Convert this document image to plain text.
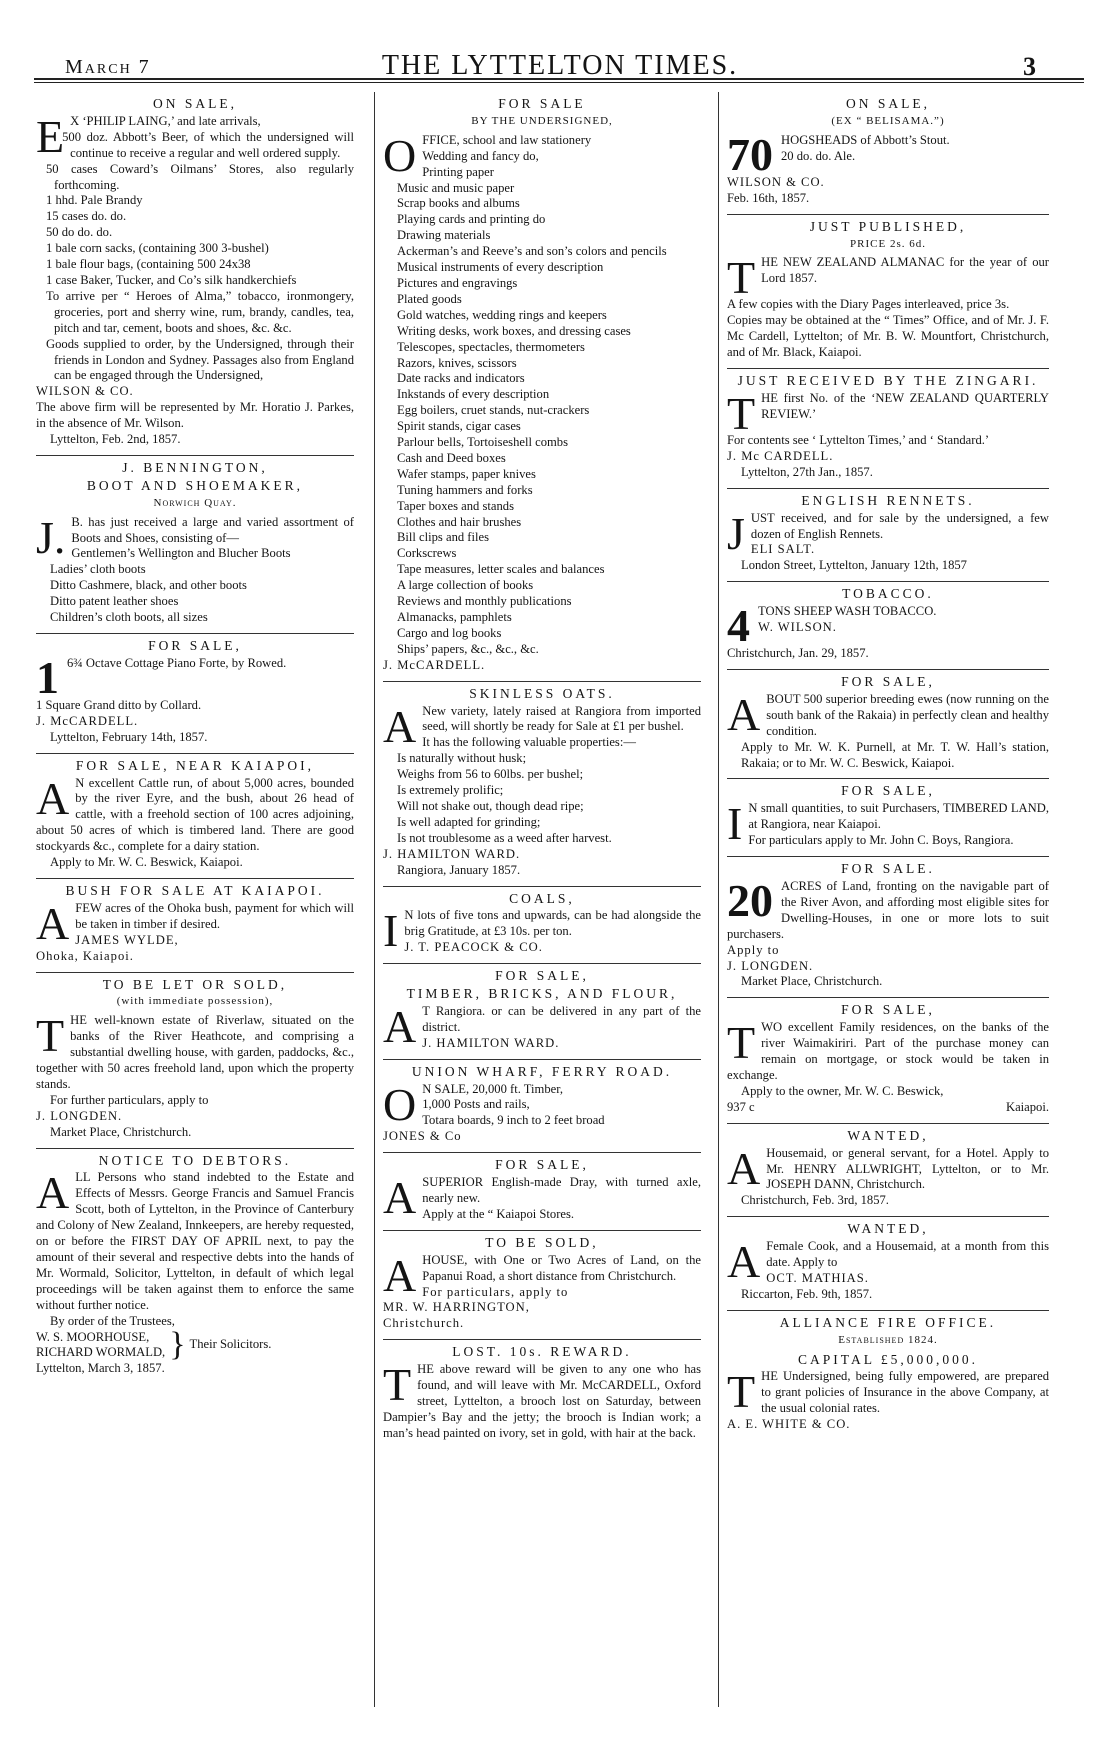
March 7	THE LYTTELTON TIMES.	3
ON SALE,

E X ‘PHILIP LAING,’ and late arrivals,

500 doz. Abbott’s Beer, of which the undersigned will continue to receive a regular and well ordered supply.

50 cases Coward’s Oilmans’ Stores, also regularly forthcoming.

1 hhd. Pale Brandy

15 cases do. do.

50 do do. do.

1 bale corn sacks, (containing 300 3-bushel)

1 bale flour bags, (containing 500 24x38

1 case Baker, Tucker, and Co’s silk handkerchiefs

To arrive per “ Heroes of Alma,” tobacco, ironmongery, groceries, port and sherry wine, rum, brandy, candles, tea, pitch and tar, cement, boots and shoes, &c. &c.

Goods supplied to order, by the Undersigned, through their friends in London and Sydney. Passages also from England can be engaged through the Undersigned,

WILSON & CO.

The above firm will be represented by Mr. Horatio J. Parkes, in the absence of Mr. Wilson.

Lyttelton, Feb. 2nd, 1857.

J. BENNINGTON,
BOOT AND SHOEMAKER,
Norwich Quay.

J. B. has just received a large and varied assortment of Boots and Shoes, consisting of—

Gentlemen’s Wellington and Blucher Boots

Ladies’ cloth boots

Ditto Cashmere, black, and other boots

Ditto patent leather shoes

Children’s cloth boots, all sizes

FOR SALE,

1 6¾ Octave Cottage Piano Forte, by Rowed.

1 Square Grand ditto by Collard.

J. McCARDELL.

Lyttelton, February 14th, 1857.

FOR SALE, NEAR KAIAPOI,

A N excellent Cattle run, of about 5,000 acres, bounded by the river Eyre, and the bush, about 26 head of cattle, with a freehold section of 100 acres adjoining, about 50 acres of which is timbered land. There are good stockyards &c., complete for a dairy station.

Apply to Mr. W. C. Beswick, Kaiapoi.

BUSH FOR SALE AT KAIAPOI.

AFEW acres of the Ohoka bush, payment for which will be taken in timber if desired.

JAMES WYLDE,

Ohoka, Kaiapoi.

TO BE LET OR SOLD,
(with immediate possession),

THE well-known estate of Riverlaw, situated on the banks of the River Heathcote, and comprising a substantial dwelling house, with garden, paddocks, &c., together with 50 acres freehold land, upon which the property stands.

For further particulars, apply to

J. LONGDEN.

Market Place, Christchurch.

NOTICE TO DEBTORS.

ALL Persons who stand indebted to the Estate and Effects of Messrs. George Francis and Samuel Francis Scott, both of Lyttelton, in the Province of Canterbury and Colony of New Zealand, Innkeepers, are hereby requested, on or before the FIRST DAY OF APRIL next, to pay the amount of their several and respective debts into the hands of Mr. Wormald, Solicitor, Lyttelton, in default of which legal proceedings will be taken against them to enforce the same without further notice.

By order of the Trustees,

W. S. MOORHOUSE,

RICHARD WORMALD, } Their Solicitors.

Lyttelton, March 3, 1857.

FOR SALE
BY THE UNDERSIGNED,

OFFICE, school and law stationery

Wedding and fancy do,

Printing paper

Music and music paper

Scrap books and albums

Playing cards and printing do

Drawing materials

Ackerman’s and Reeve’s and son’s colors and pencils

Musical instruments of every description

Pictures and engravings

Plated goods

Gold watches, wedding rings and keepers

Writing desks, work boxes, and dressing cases

Telescopes, spectacles, thermometers

Razors, knives, scissors

Date racks and indicators

Inkstands of every description

Egg boilers, cruet stands, nut-crackers

Spirit stands, cigar cases

Parlour bells, Tortoiseshell combs

Cash and Deed boxes

Wafer stamps, paper knives

Tuning hammers and forks

Taper boxes and stands

Clothes and hair brushes

Bill clips and files

Corkscrews

Tape measures, letter scales and balances

A large collection of books

Reviews and monthly publications

Almanacks, pamphlets

Cargo and log books

Ships’ papers, &c., &c., &c.

J. McCARDELL.

SKINLESS OATS.

A New variety, lately raised at Rangiora from imported seed, will shortly be ready for Sale at £1 per bushel.

It has the following valuable properties:—

Is naturally without husk;

Weighs from 56 to 60lbs. per bushel;

Is extremely prolific;

Will not shake out, though dead ripe;

Is well adapted for grinding;

Is not troublesome as a weed after harvest.

J. HAMILTON WARD.

Rangiora, January 1857.

COALS,

I N lots of five tons and upwards, can be had alongside the brig Gratitude, at £3 10s. per ton.

J. T. PEACOCK & CO.

FOR SALE,
TIMBER, BRICKS, AND FLOUR,

A T Rangiora. or can be delivered in any part of the district.

J. HAMILTON WARD.

UNION WHARF, FERRY ROAD.

O N SALE, 20,000 ft. Timber,

1,000 Posts and rails,

Totara boards, 9 inch to 2 feet broad

JONES & Co

FOR SALE,

ASUPERIOR English-made Dray, with turned axle, nearly new.

Apply at the “ Kaiapoi Stores.

TO BE SOLD,

AHOUSE, with One or Two Acres of Land, on the Papanui Road, a short distance from Christchurch.

For particulars, apply to

MR. W. HARRINGTON,

Christchurch.

LOST. 10s. REWARD.

THE above reward will be given to any one who has found, and will leave with Mr. McCARDELL, Oxford street, Lyttelton, a brooch lost on Saturday, between Dampier’s Bay and the jetty; the brooch is Indian work; a man’s head painted on ivory, set in gold, with hair at the back.

ON SALE,
(EX “ BELISAMA.”)

70 HOGSHEADS of Abbott’s Stout.

20 do. do. Ale.

WILSON & CO.

Feb. 16th, 1857.

JUST PUBLISHED,
PRICE 2s. 6d.

THE NEW ZEALAND ALMANAC for the year of our Lord 1857.

A few copies with the Diary Pages interleaved, price 3s.

Copies may be obtained at the “ Times” Office, and of Mr. J. F. Mc Cardell, Lyttelton; of Mr. B. W. Mountfort, Christchurch, and of Mr. Black, Kaiapoi.

JUST RECEIVED BY THE ZINGARI.

THE first No. of the ‘NEW ZEALAND QUARTERLY REVIEW.’

For contents see ‘ Lyttelton Times,’ and ‘ Standard.’

J. Mc CARDELL.

Lyttelton, 27th Jan., 1857.

ENGLISH RENNETS.

JUST received, and for sale by the undersigned, a few dozen of English Rennets.

ELI SALT.

London Street, Lyttelton, January 12th, 1857

TOBACCO.

4 TONS SHEEP WASH TOBACCO.

W. WILSON.

Christchurch, Jan. 29, 1857.

FOR SALE,

ABOUT 500 superior breeding ewes (now running on the south bank of the Rakaia) in perfectly clean and healthy condition.

Apply to Mr. W. K. Purnell, at Mr. T. W. Hall’s station, Rakaia; or to Mr. W. C. Beswick, Kaiapoi.

FOR SALE,

I N small quantities, to suit Purchasers, TIMBERED LAND, at Rangiora, near Kaiapoi.

For particulars apply to Mr. John C. Boys, Rangiora.

FOR SALE.

20 ACRES of Land, fronting on the navigable part of the River Avon, and affording most eligible sites for Dwelling-Houses, in one or more lots to suit purchasers.

Apply to

J. LONGDEN.

Market Place, Christchurch.

FOR SALE,

TWO excellent Family residences, on the banks of the river Waimakiriri. Part of the purchase money can remain on mortgage, or stock would be taken in exchange.

Apply to the owner, Mr. W. C. Beswick,

937 c	Kaiapoi.
WANTED,

A Housemaid, or general servant, for a Hotel. Apply to Mr. HENRY ALLWRIGHT, Lyttelton, or to Mr. JOSEPH DANN, Christchurch.

Christchurch, Feb. 3rd, 1857.

WANTED,

A Female Cook, and a Housemaid, at a month from this date. Apply to

OCT. MATHIAS.

Riccarton, Feb. 9th, 1857.

ALLIANCE FIRE OFFICE.
Established 1824.
CAPITAL £5,000,000.

THE Undersigned, being fully empowered, are prepared to grant policies of Insurance in the above Company, at the usual colonial rates.

A. E. WHITE & CO.
